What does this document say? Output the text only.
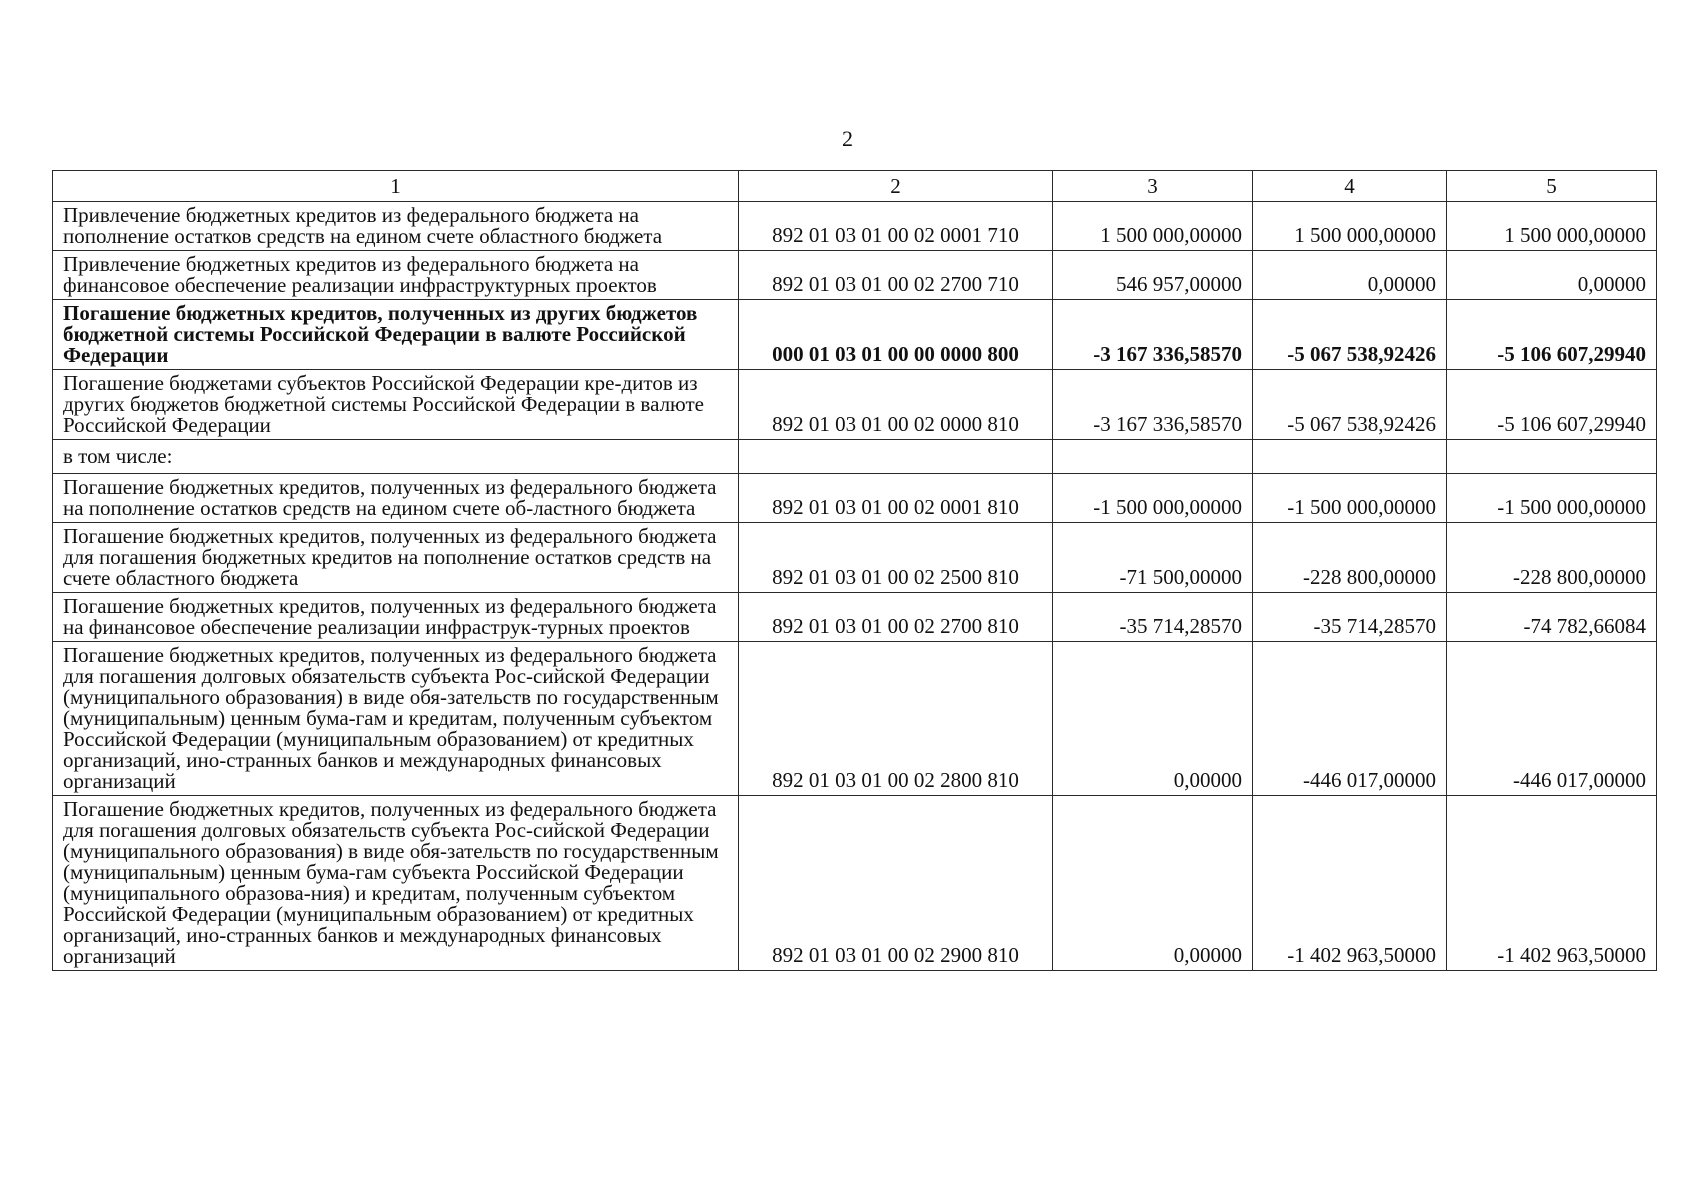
2
1	2	3	4	5
Привлечение бюджетных кредитов из федерального бюджета на пополнение остатков средств на едином счете областного бюджета	892 01 03 01 00 02 0001 710	1 500 000,00000	1 500 000,00000	1 500 000,00000
Привлечение бюджетных кредитов из федерального бюджета на финансовое обеспечение реализации инфраструктурных проектов	892 01 03 01 00 02 2700 710	546 957,00000	0,00000	0,00000
Погашение бюджетных кредитов, полученных из других бюджетов бюджетной системы Российской Федерации в валюте Российской Федерации	000 01 03 01 00 00 0000 800	-3 167 336,58570	-5 067 538,92426	-5 106 607,29940
Погашение бюджетами субъектов Российской Федерации кре-дитов из других бюджетов бюджетной системы Российской Федерации в валюте Российской Федерации	892 01 03 01 00 02 0000 810	-3 167 336,58570	-5 067 538,92426	-5 106 607,29940
в том числе:				
Погашение бюджетных кредитов, полученных из федерального бюджета на пополнение остатков средств на едином счете об-ластного бюджета	892 01 03 01 00 02 0001 810	-1 500 000,00000	-1 500 000,00000	-1 500 000,00000
Погашение бюджетных кредитов, полученных из федерального бюджета для погашения бюджетных кредитов на пополнение остатков средств на счете областного бюджета	892 01 03 01 00 02 2500 810	-71 500,00000	-228 800,00000	-228 800,00000
Погашение бюджетных кредитов, полученных из федерального бюджета на финансовое обеспечение реализации инфраструк-турных проектов	892 01 03 01 00 02 2700 810	-35 714,28570	-35 714,28570	-74 782,66084
Погашение бюджетных кредитов, полученных из федерального бюджета для погашения долговых обязательств субъекта Рос-сийской Федерации (муниципального образования) в виде обя-зательств по государственным (муниципальным) ценным бума-гам и кредитам, полученным субъектом Российской Федерации (муниципальным образованием) от кредитных организаций, ино-странных банков и международных финансовых организаций	892 01 03 01 00 02 2800 810	0,00000	-446 017,00000	-446 017,00000
Погашение бюджетных кредитов, полученных из федерального бюджета для погашения долговых обязательств субъекта Рос-сийской Федерации (муниципального образования) в виде обя-зательств по государственным (муниципальным) ценным бума-гам субъекта Российской Федерации (муниципального образова-ния) и кредитам, полученным субъектом Российской Федерации (муниципальным образованием) от кредитных организаций, ино-странных банков и международных финансовых организаций	892 01 03 01 00 02 2900 810	0,00000	-1 402 963,50000	-1 402 963,50000
